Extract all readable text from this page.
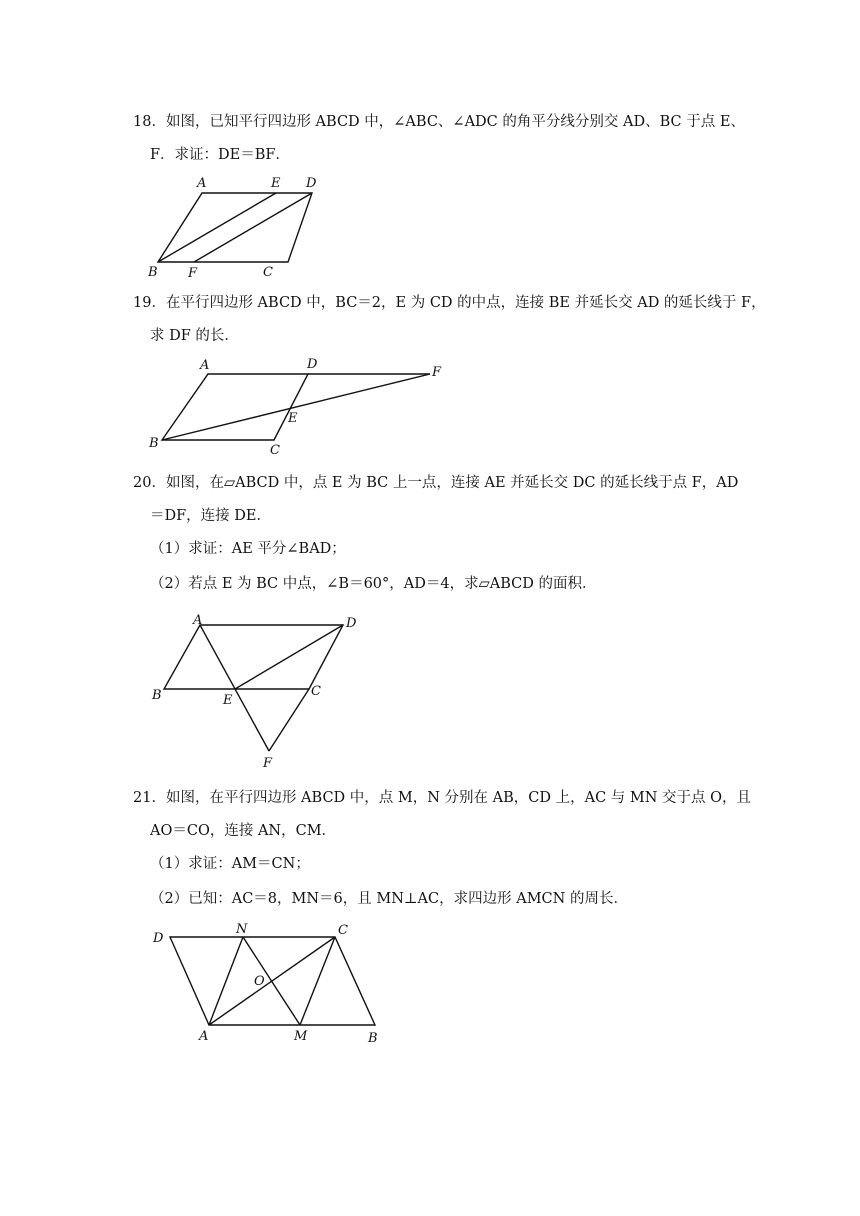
18．如图，已知平行四边形 ABCD 中，∠ABC、∠ADC 的角平分线分别交 AD、BC 于点 E、
F．求证：DE＝BF．
A	E D
B F	C
19．在平行四边形 ABCD 中，BC＝2，E 为 CD 的中点，连接 BE 并延长交 AD 的延长线于 F，
求 DF 的长．
A	D
F
E
B	C
20．如图，在▱ABCD 中，点 E 为 BC 上一点，连接 AE 并延长交 DC 的延长线于点 F，AD
＝DF，连接 DE．
（1）求证：AE 平分∠BAD；
（2）若点 E 为 BC 中点，∠B＝60°，AD＝4，求▱ABCD 的面积．
A	D
B	E
C
F
21．如图，在平行四边形 ABCD 中，点 M，N 分别在 AB，CD 上，AC 与 MN 交于点 O，且
AO＝CO，连接 AN，CM．
（1）求证：AM＝CN；
（2）已知：AC＝8，MN＝6，且 MN⊥AC，求四边形 AMCN 的周长．
D
N	C
O
A	M	B
